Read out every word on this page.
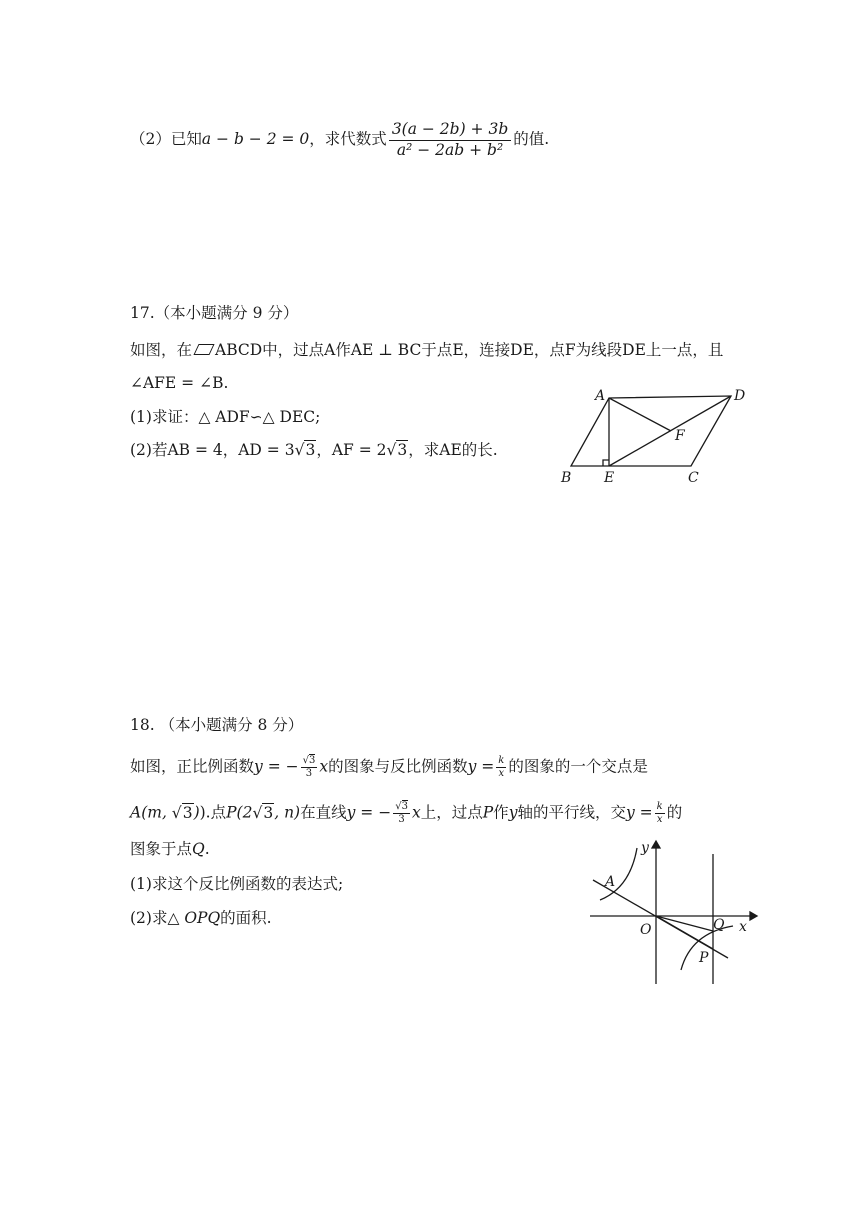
（2）已知a − b − 2 = 0，求代数式 $\frac{3(a - 2b) + 3b}{\text{a² − 2ab + b²}}$ 的值.
17.（本小题满分 9 分）
如图，在 ABCD中，过点A作AE ⊥ BC于点E，连接DE，点F为线段DE上一点，且
∠AFE = ∠B.
(1)求证：△ ADF∽△ DEC;
(2)若AB = 4，AD = 3√3，AF = 2√3，求AE的长.
A	D
F
B E	C
18. （本小题满分 8 分）
如图，正比例函数y = − $\frac{√3}{3}$ x的图象与反比例函数$y = \frac{k}{x}$ 的图象的一个交点是
A(m, √3)).点P(2√3, n)在直线y = − $\frac{√3}{3}$ x上，过点P作y轴的平行线，交$y = \frac{k}{x}$ 的
图象于点Q.
(1)求这个反比例函数的表达式;
(2)求△ OPQ的面积.
y
x
O
A
Q
P
